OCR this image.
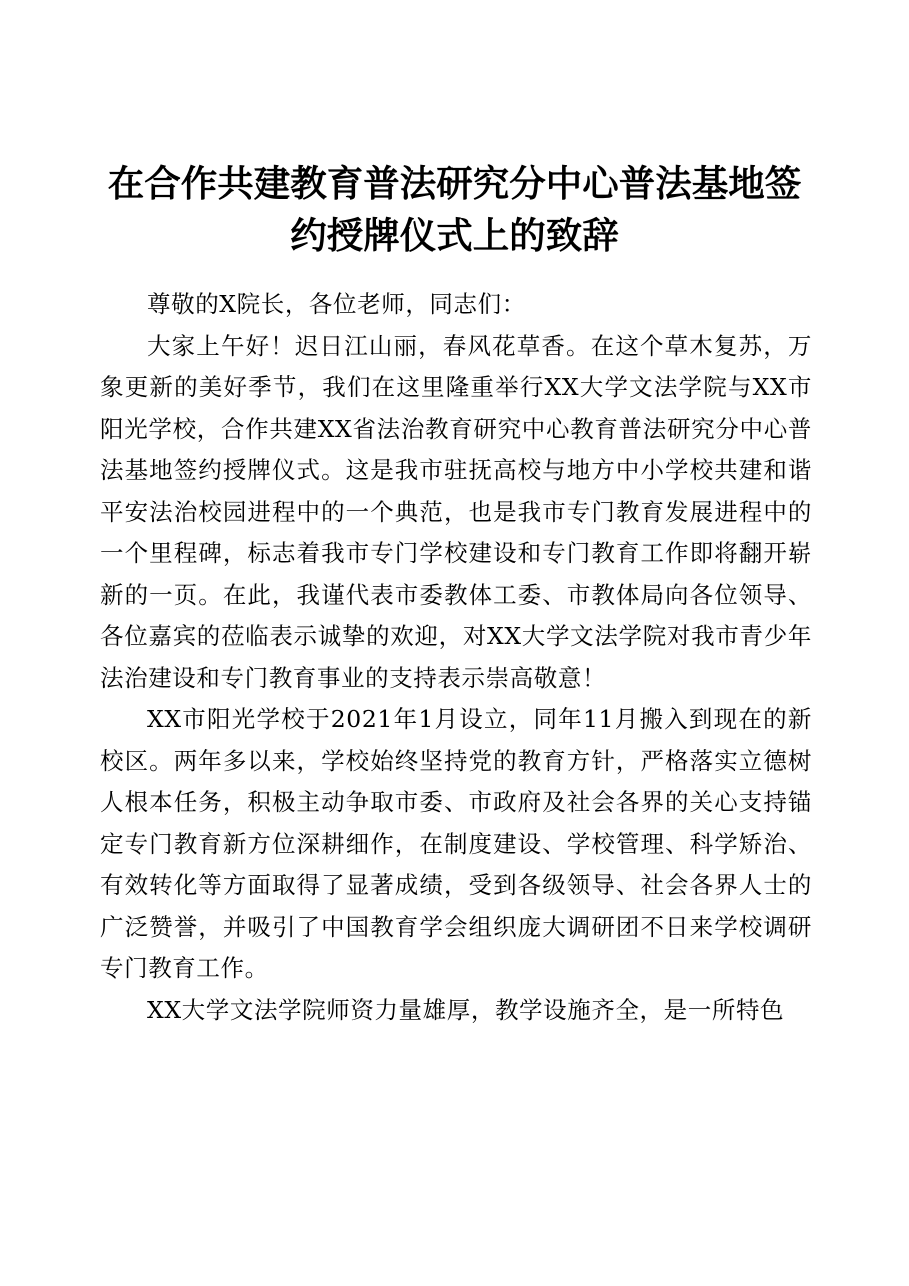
在合作共建教育普法研究分中心普法基地签约授牌仪式上的致辞

尊敬的X院长，各位老师，同志们：

大家上午好！迟日江山丽，春风花草香。在这个草木复苏，万象更新的美好季节，我们在这里隆重举行XX大学文法学院与XX市阳光学校，合作共建XX省法治教育研究中心教育普法研究分中心普法基地签约授牌仪式。这是我市驻抚高校与地方中小学校共建和谐平安法治校园进程中的一个典范，也是我市专门教育发展进程中的一个里程碑，标志着我市专门学校建设和专门教育工作即将翻开崭新的一页。在此，我谨代表市委教体工委、市教体局向各位领导、各位嘉宾的莅临表示诚挚的欢迎，对XX大学文法学院对我市青少年法治建设和专门教育事业的支持表示崇高敬意！

XX市阳光学校于2021年1月设立，同年11月搬入到现在的新校区。两年多以来，学校始终坚持党的教育方针，严格落实立德树人根本任务，积极主动争取市委、市政府及社会各界的关心支持锚定专门教育新方位深耕细作，在制度建设、学校管理、科学矫治、有效转化等方面取得了显著成绩，受到各级领导、社会各界人士的广泛赞誉，并吸引了中国教育学会组织庞大调研团不日来学校调研专门教育工作。

XX大学文法学院师资力量雄厚，教学设施齐全，是一所特色
